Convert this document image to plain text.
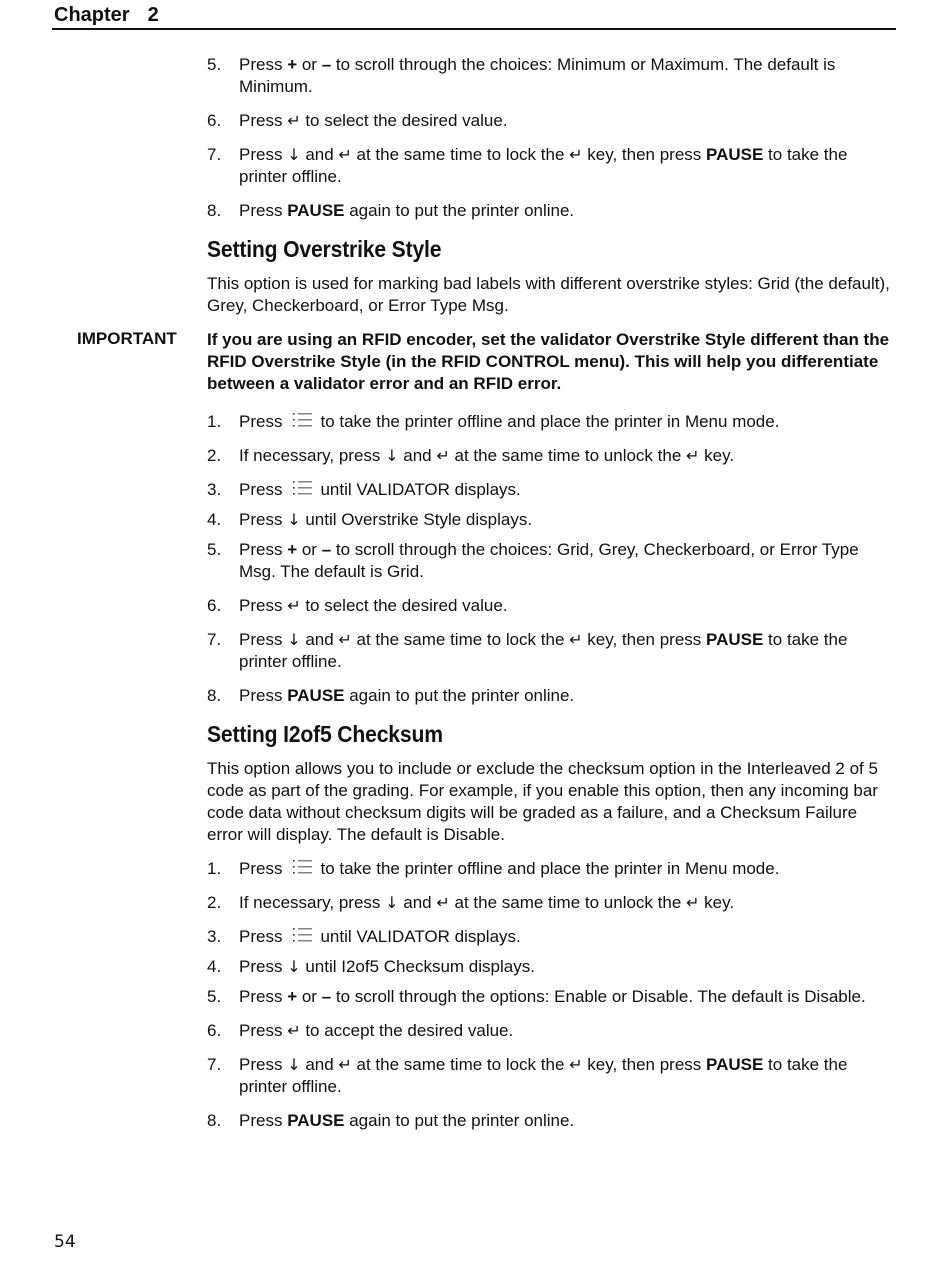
Chapter 2
5.	Press + or – to scroll through the choices: Minimum or Maximum. The default is Minimum.
6.	Press ↵ to select the desired value.
7.	Press ↓ and ↵ at the same time to lock the ↵ key, then press PAUSE to take the printer offline.
8.	Press PAUSE again to put the printer online.
Setting Overstrike Style

This option is used for marking bad labels with different overstrike styles: Grid (the default), Grey, Checkerboard, or Error Type Msg.

IMPORTANT If you are using an RFID encoder, set the validator Overstrike Style different than the RFID Overstrike Style (in the RFID CONTROL menu). This will help you differentiate between a validator error and an RFID error.
1.	Press to take the printer offline and place the printer in Menu mode.
2.	If necessary, press ↓ and ↵ at the same time to unlock the ↵ key.
3.	Press until VALIDATOR displays.
4.	Press ↓ until Overstrike Style displays.
5.	Press + or – to scroll through the choices: Grid, Grey, Checkerboard, or Error Type Msg. The default is Grid.
6.	Press ↵ to select the desired value.
7.	Press ↓ and ↵ at the same time to lock the ↵ key, then press PAUSE to take the printer offline.
8.	Press PAUSE again to put the printer online.
Setting I2of5 Checksum

This option allows you to include or exclude the checksum option in the Interleaved 2 of 5 code as part of the grading. For example, if you enable this option, then any incoming bar code data without checksum digits will be graded as a failure, and a Checksum Failure error will display. The default is Disable.

1.	Press to take the printer offline and place the printer in Menu mode.
2.	If necessary, press ↓ and ↵ at the same time to unlock the ↵ key.
3.	Press until VALIDATOR displays.
4.	Press ↓ until I2of5 Checksum displays.
5.	Press + or – to scroll through the options: Enable or Disable. The default is Disable.
6.	Press ↵ to accept the desired value.
7.	Press ↓ and ↵ at the same time to lock the ↵ key, then press PAUSE to take the printer offline.
8.	Press PAUSE again to put the printer online.
54
